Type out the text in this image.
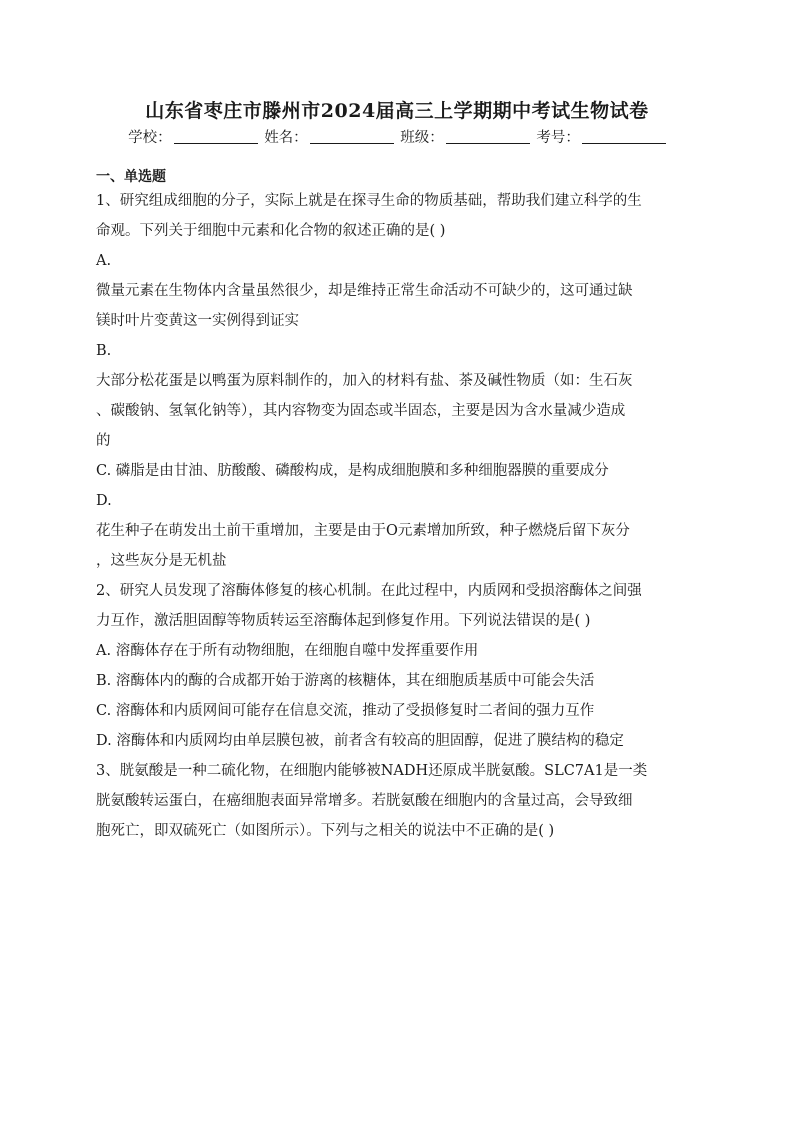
山东省枣庄市滕州市2024届高三上学期期中考试生物试卷
学校：	姓名：	班级：	考号：
一、单选题
1、研究组成细胞的分子，实际上就是在探寻生命的物质基础，帮助我们建立科学的生
命观。下列关于细胞中元素和化合物的叙述正确的是( )
A.
微量元素在生物体内含量虽然很少，却是维持正常生命活动不可缺少的，这可通过缺
镁时叶片变黄这一实例得到证实
B.
大部分松花蛋是以鸭蛋为原料制作的，加入的材料有盐、茶及碱性物质（如：生石灰
、碳酸钠、氢氧化钠等），其内容物变为固态或半固态，主要是因为含水量减少造成
的
C. 磷脂是由甘油、肪酸酸、磷酸构成，是构成细胞膜和多种细胞器膜的重要成分
D.
花生种子在萌发出土前干重增加，主要是由于O元素增加所致，种子燃烧后留下灰分
，这些灰分是无机盐
2、研究人员发现了溶酶体修复的核心机制。在此过程中，内质网和受损溶酶体之间强
力互作，激活胆固醇等物质转运至溶酶体起到修复作用。下列说法错误的是( )
A. 溶酶体存在于所有动物细胞，在细胞自噬中发挥重要作用
B. 溶酶体内的酶的合成都开始于游离的核糖体，其在细胞质基质中可能会失活
C. 溶酶体和内质网间可能存在信息交流，推动了受损修复时二者间的强力互作
D. 溶酶体和内质网均由单层膜包被，前者含有较高的胆固醇，促进了膜结构的稳定
3、胱氨酸是一种二硫化物，在细胞内能够被NADH还原成半胱氨酸。SLC7A1是一类
胱氨酸转运蛋白，在癌细胞表面异常增多。若胱氨酸在细胞内的含量过高，会导致细
胞死亡，即双硫死亡（如图所示）。下列与之相关的说法中不正确的是( )
